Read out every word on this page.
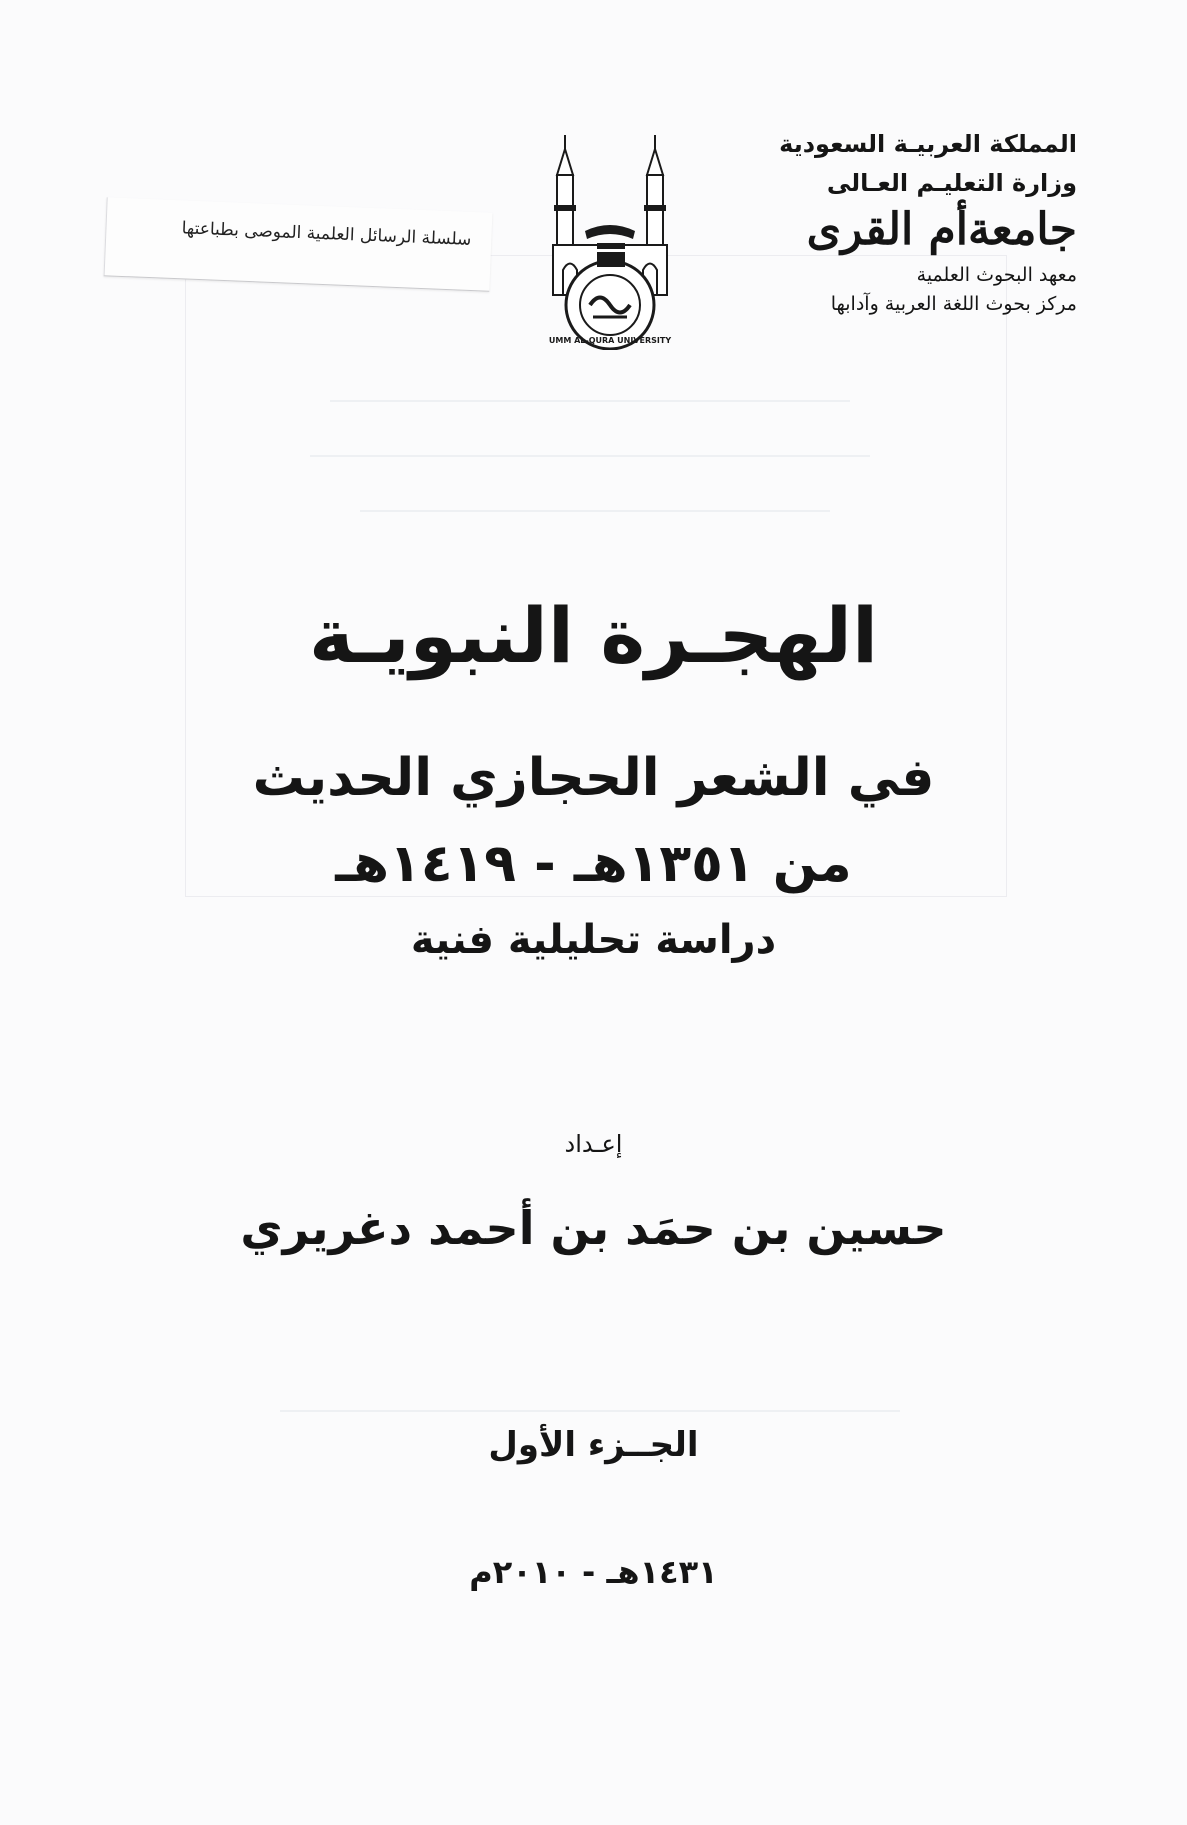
المملكة العربيـة السعودية
وزارة التعليـم العـالى
جامعةأم القرى
معهد البحوث العلمية
مركز بحوث اللغة العربية وآدابها
UMM AL-QURA UNIVERSITY
سلسلة الرسائل العلمية الموصى بطباعتها
الهجـرة النبويـة
في الشعر الحجازي الحديث
من ١٣٥١هـ - ١٤١٩هـ
دراسة تحليلية فنية
إعـداد
حسين بن حمَد بن أحمد دغريري
الجــزء الأول
١٤٣١هـ - ٢٠١٠م
